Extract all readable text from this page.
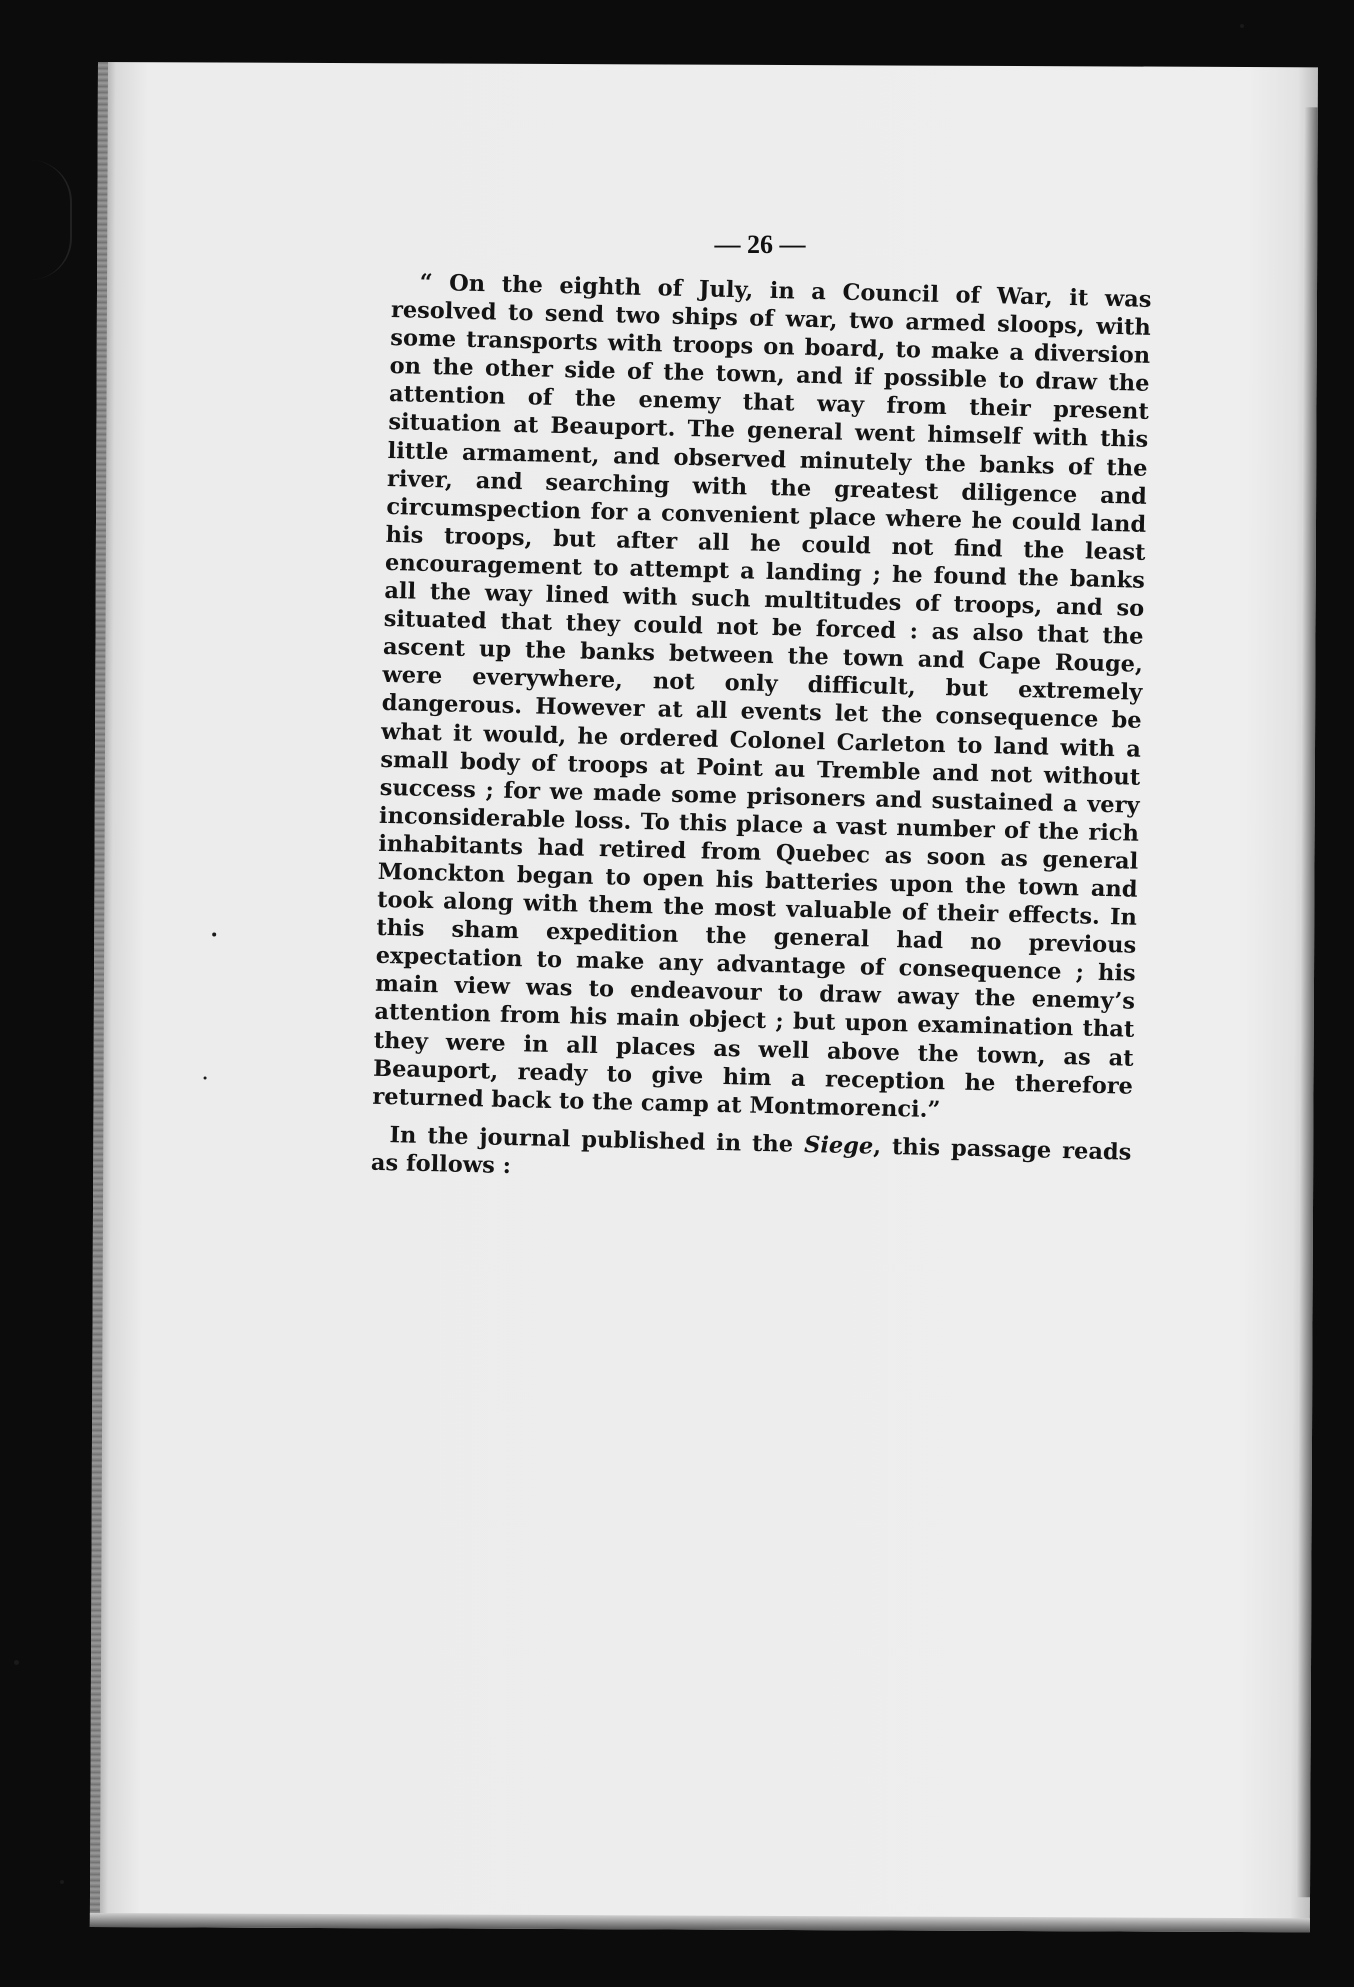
— 26 —

“ On the eighth of July, in a Council of War, it was resolved to send two ships of war, two armed sloops, with some transports with troops on board, to make a diversion on the other side of the town, and if possible to draw the attention of the enemy that way from their present situation at Beauport. The general went himself with this little armament, and observed minutely the banks of the river, and searching with the greatest diligence and circumspection for a convenient place where he could land his troops, but after all he could not find the least encouragement to attempt a landing ; he found the banks all the way lined with such multitudes of troops, and so situated that they could not be forced : as also that the ascent up the banks between the town and Cape Rouge, were everywhere, not only difficult, but extremely dangerous. However at all events let the consequence be what it would, he ordered Colonel Carleton to land with a small body of troops at Point au Tremble and not without success ; for we made some prisoners and sustained a very inconsiderable loss. To this place a vast number of the rich inhabitants had retired from Quebec as soon as general Monckton began to open his batteries upon the town and took along with them the most valuable of their effects. In this sham expedition the general had no previous expectation to make any advantage of consequence ; his main view was to endeavour to draw away the enemy’s attention from his main object ; but upon examination that they were in all places as well above the town, as at Beauport, ready to give him a reception he therefore returned back to the camp at Montmorenci.”

In the journal published in the Siege, this passage reads as follows :
